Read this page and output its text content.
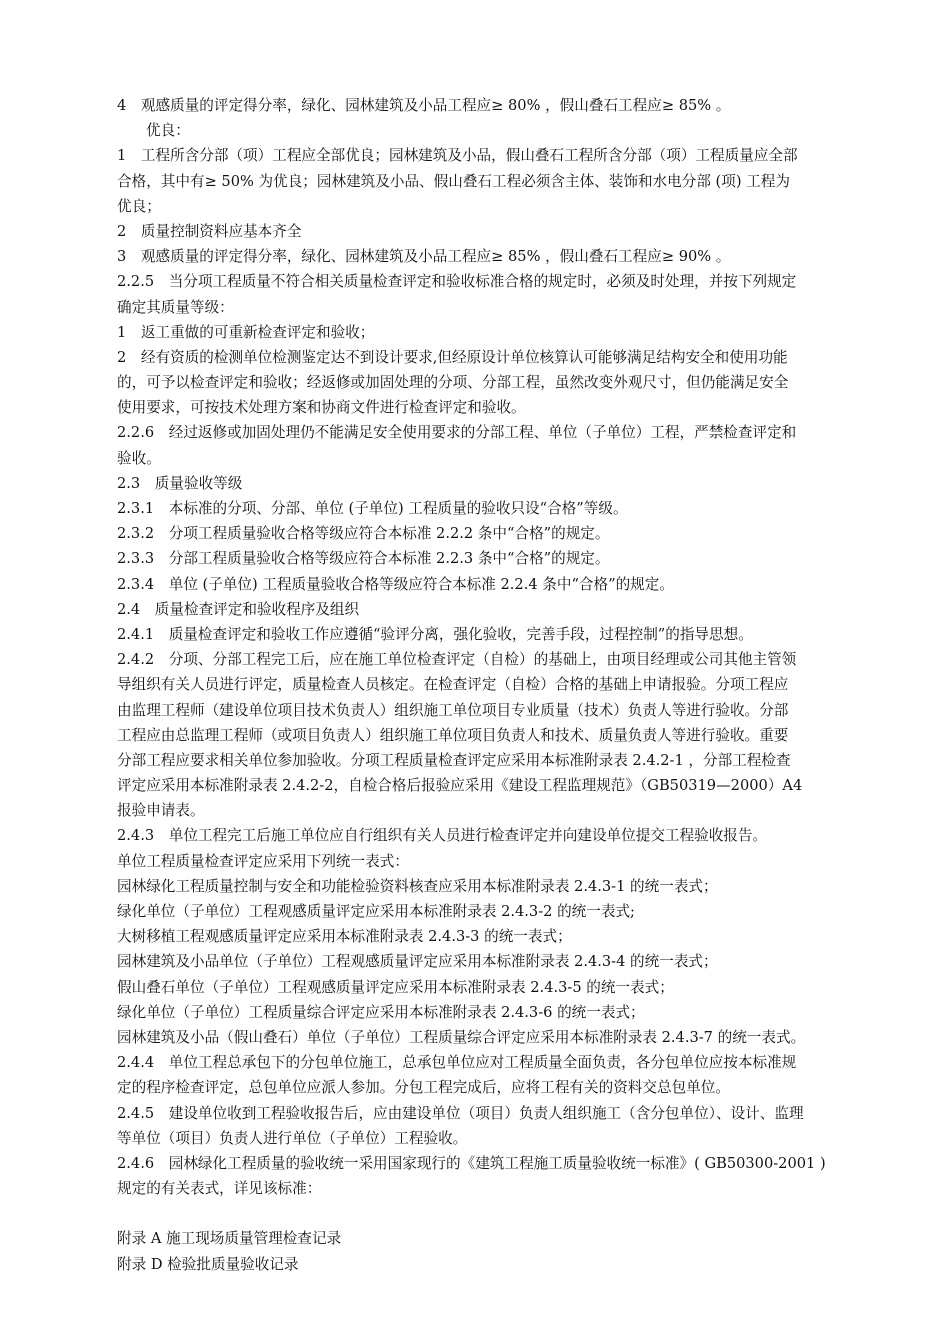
4　观感质量的评定得分率，绿化、园林建筑及小品工程应≥ 80% ，假山叠石工程应≥ 85% 。

优良：

1　工程所含分部（项）工程应全部优良；园林建筑及小品，假山叠石工程所含分部（项）工程质量应全部

合格，其中有≥ 50% 为优良；园林建筑及小品、假山叠石工程必须含主体、装饰和水电分部 (项) 工程为

优良；

2　质量控制资料应基本齐全

3　观感质量的评定得分率，绿化、园林建筑及小品工程应≥ 85% ，假山叠石工程应≥ 90% 。

2.2.5　当分项工程质量不符合相关质量检查评定和验收标准合格的规定时，必须及时处理，并按下列规定

确定其质量等级：

1　返工重做的可重新检查评定和验收；

2　经有资质的检测单位检测鉴定达不到设计要求,但经原设计单位核算认可能够满足结构安全和使用功能

的，可予以检查评定和验收；经返修或加固处理的分项、分部工程，虽然改变外观尺寸，但仍能满足安全

使用要求，可按技术处理方案和协商文件进行检查评定和验收。

2.2.6　经过返修或加固处理仍不能满足安全使用要求的分部工程、单位（子单位）工程，严禁检查评定和

验收。

2.3　质量验收等级

2.3.1　本标准的分项、分部、单位 (子单位) 工程质量的验收只设“合格”等级。

2.3.2　分项工程质量验收合格等级应符合本标准 2.2.2 条中“合格”的规定。

2.3.3　分部工程质量验收合格等级应符合本标准 2.2.3 条中“合格”的规定。

2.3.4　单位 (子单位) 工程质量验收合格等级应符合本标准 2.2.4 条中“合格”的规定。

2.4　质量检查评定和验收程序及组织

2.4.1　质量检查评定和验收工作应遵循“验评分离，强化验收，完善手段，过程控制”的指导思想。

2.4.2　分项、分部工程完工后，应在施工单位检查评定（自检）的基础上，由项目经理或公司其他主管领

导组织有关人员进行评定，质量检查人员核定。在检查评定（自检）合格的基础上申请报验。分项工程应

由监理工程师（建设单位项目技术负责人）组织施工单位项目专业质量（技术）负责人等进行验收。分部

工程应由总监理工程师（或项目负责人）组织施工单位项目负责人和技术、质量负责人等进行验收。重要

分部工程应要求相关单位参加验收。分项工程质量检查评定应采用本标准附录表 2.4.2-1 ，分部工程检查

评定应采用本标准附录表 2.4.2-2，自检合格后报验应采用《建设工程监理规范》（GB50319—2000）A4

报验申请表。

2.4.3　单位工程完工后施工单位应自行组织有关人员进行检查评定并向建设单位提交工程验收报告。

单位工程质量检查评定应采用下列统一表式：

园林绿化工程质量控制与安全和功能检验资料核查应采用本标准附录表 2.4.3-1 的统一表式；

绿化单位（子单位）工程观感质量评定应采用本标准附录表 2.4.3-2 的统一表式;

大树移植工程观感质量评定应采用本标准附录表 2.4.3-3 的统一表式；

园林建筑及小品单位（子单位）工程观感质量评定应采用本标准附录表 2.4.3-4 的统一表式；

假山叠石单位（子单位）工程观感质量评定应采用本标准附录表 2.4.3-5 的统一表式；

绿化单位（子单位）工程质量综合评定应采用本标准附录表 2.4.3-6 的统一表式；

园林建筑及小品（假山叠石）单位（子单位）工程质量综合评定应采用本标准附录表 2.4.3-7 的统一表式。

2.4.4　单位工程总承包下的分包单位施工，总承包单位应对工程质量全面负责，各分包单位应按本标准规

定的程序检查评定，总包单位应派人参加。分包工程完成后，应将工程有关的资料交总包单位。

2.4.5　建设单位收到工程验收报告后，应由建设单位（项目）负责人组织施工（含分包单位）、设计、监理

等单位（项目）负责人进行单位（子单位）工程验收。

2.4.6　园林绿化工程质量的验收统一采用国家现行的《建筑工程施工质量验收统一标准》( GB50300-2001 )

规定的有关表式，详见该标准：

附录 A 施工现场质量管理检查记录

附录 D 检验批质量验收记录
